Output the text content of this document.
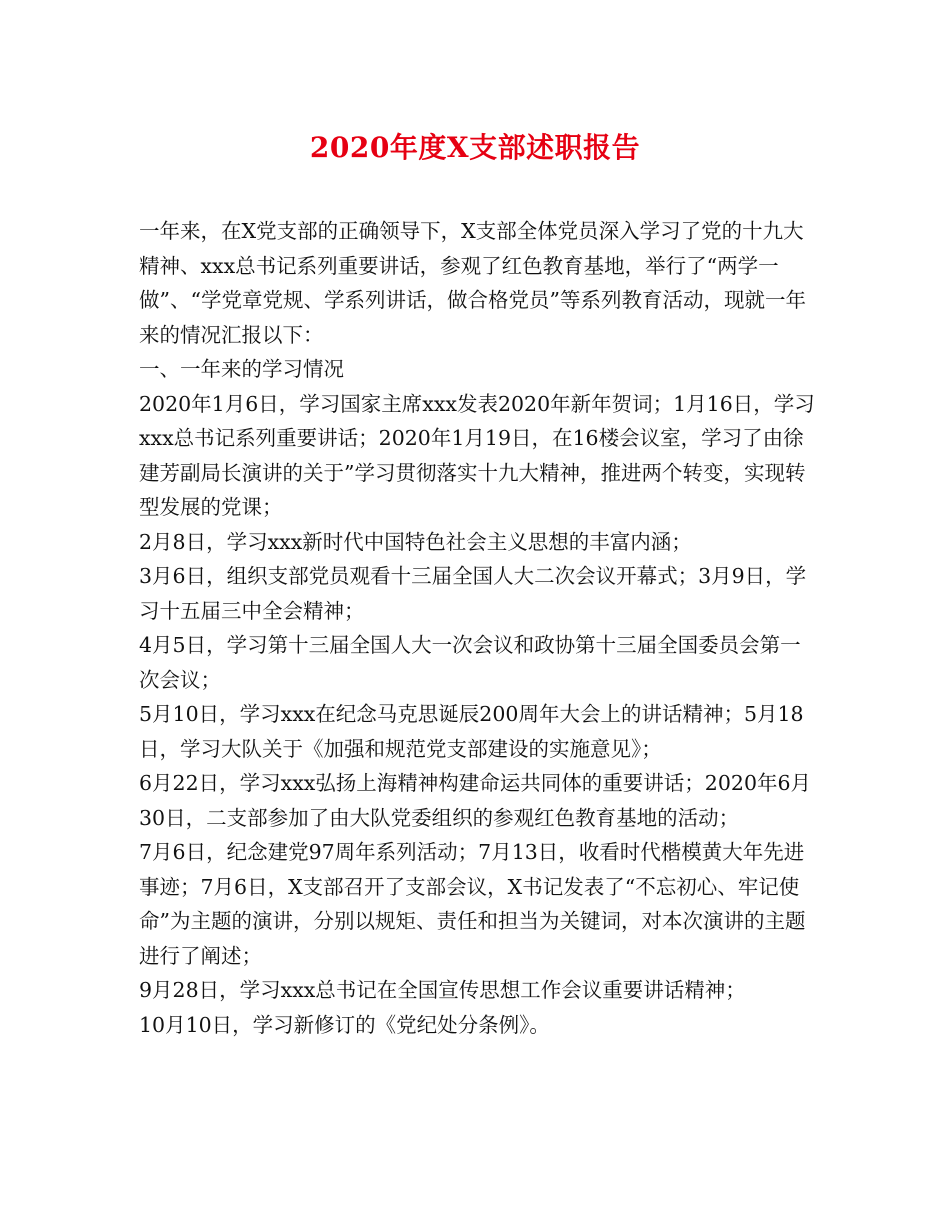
2020年度X支部述职报告

一年来，在X党支部的正确领导下，X支部全体党员深入学习了党的十九大精神、xxx总书记系列重要讲话，参观了红色教育基地，举行了“两学一做”、“学党章党规、学系列讲话，做合格党员”等系列教育活动，现就一年来的情况汇报以下：

一、一年来的学习情况

2020年1月6日，学习国家主席xxx发表2020年新年贺词；1月16日，学习xxx总书记系列重要讲话；2020年1月19日，在16楼会议室，学习了由徐建芳副局长演讲的关于”学习贯彻落实十九大精神，推进两个转变，实现转型发展的党课；

2月8日，学习xxx新时代中国特色社会主义思想的丰富内涵；

3月6日，组织支部党员观看十三届全国人大二次会议开幕式；3月9日，学习十五届三中全会精神；

4月5日，学习第十三届全国人大一次会议和政协第十三届全国委员会第一次会议；

5月10日，学习xxx在纪念马克思诞辰200周年大会上的讲话精神；5月18日，学习大队关于《加强和规范党支部建设的实施意见》；

6月22日，学习xxx弘扬上海精神构建命运共同体的重要讲话；2020年6月30日，二支部参加了由大队党委组织的参观红色教育基地的活动；

7月6日，纪念建党97周年系列活动；7月13日，收看时代楷模黄大年先进事迹；7月6日，X支部召开了支部会议，X书记发表了“不忘初心、牢记使命”为主题的演讲，分别以规矩、责任和担当为关键词，对本次演讲的主题进行了阐述；

9月28日，学习xxx总书记在全国宣传思想工作会议重要讲话精神；

10月10日，学习新修订的《党纪处分条例》。
